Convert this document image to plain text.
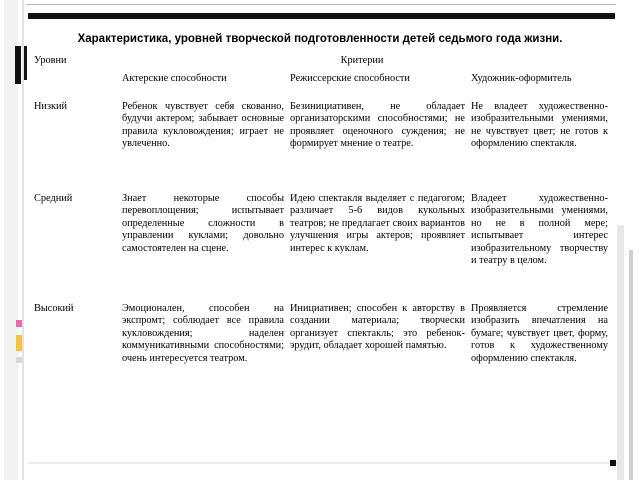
Характеристика, уровней творческой подготовленности детей седьмого года жизни.
Уровни	Критерии		
	Актерские способности	Режиссерские способности	Художник-оформитель
Низкий	Ребенок чувствует себя скованно, будучи актером; забывает основные правила кукловождения; играет не увлеченно.	Безинициативен, не обладает организаторскими способностями; не проявляет оценочного суждения; не формирует мнение о театре.	Не владеет художественно-изобразительными умениями, не чувствует цвет; не готов к оформлению спектакля.
Средний	Знает некоторые способы перевоплощения; испытывает определенные сложности в управлении куклами; довольно самостоятелен на сцене.	Идею спектакля выделяет с педагогом; различает 5-6 видов кукольных театров; не предлагает своих вариантов улучшения игры актеров; проявляет интерес к куклам.	Владеет художественно-изобразительными умениями, но не в полной мере; испытывает интерес изобразительному творчеству и театру в целом.
Высокий	Эмоционален, способен на экспромт; соблюдает все правила кукловождения; наделен коммуникативными способностями; очень интересуется театром.	Инициативен; способен к авторству в создании материала; творчески организует спектакль; это ребенок-эрудит, обладает хорошей памятью.	Проявляется стремление изобразить впечатления на бумаге; чувствует цвет, форму, готов к художественному оформлению спектакля.
